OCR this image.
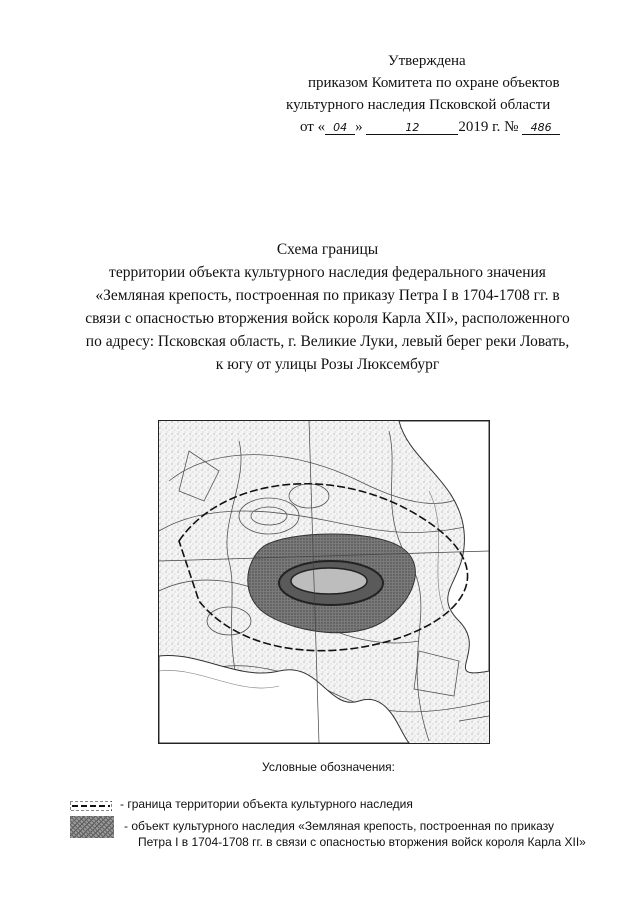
Утверждена
приказом Комитета по охране объектов
культурного наследия Псковской области
от « 04 »	12	2019 г. № 486
Схема границы
территории объекта культурного наследия федерального значения
«Земляная крепость, построенная по приказу Петра I в 1704-1708 гг. в
связи с опасностью вторжения войск короля Карла XII», расположенного
по адресу: Псковская область, г. Великие Луки, левый берег реки Ловать,
к югу от улицы Розы Люксембург
Условные обозначения:
- граница территории объекта культурного наследия
- объект культурного наследия «Земляная крепость, построенная по приказу
Петра I в 1704-1708 гг. в связи с опасностью вторжения войск короля Карла XII»
